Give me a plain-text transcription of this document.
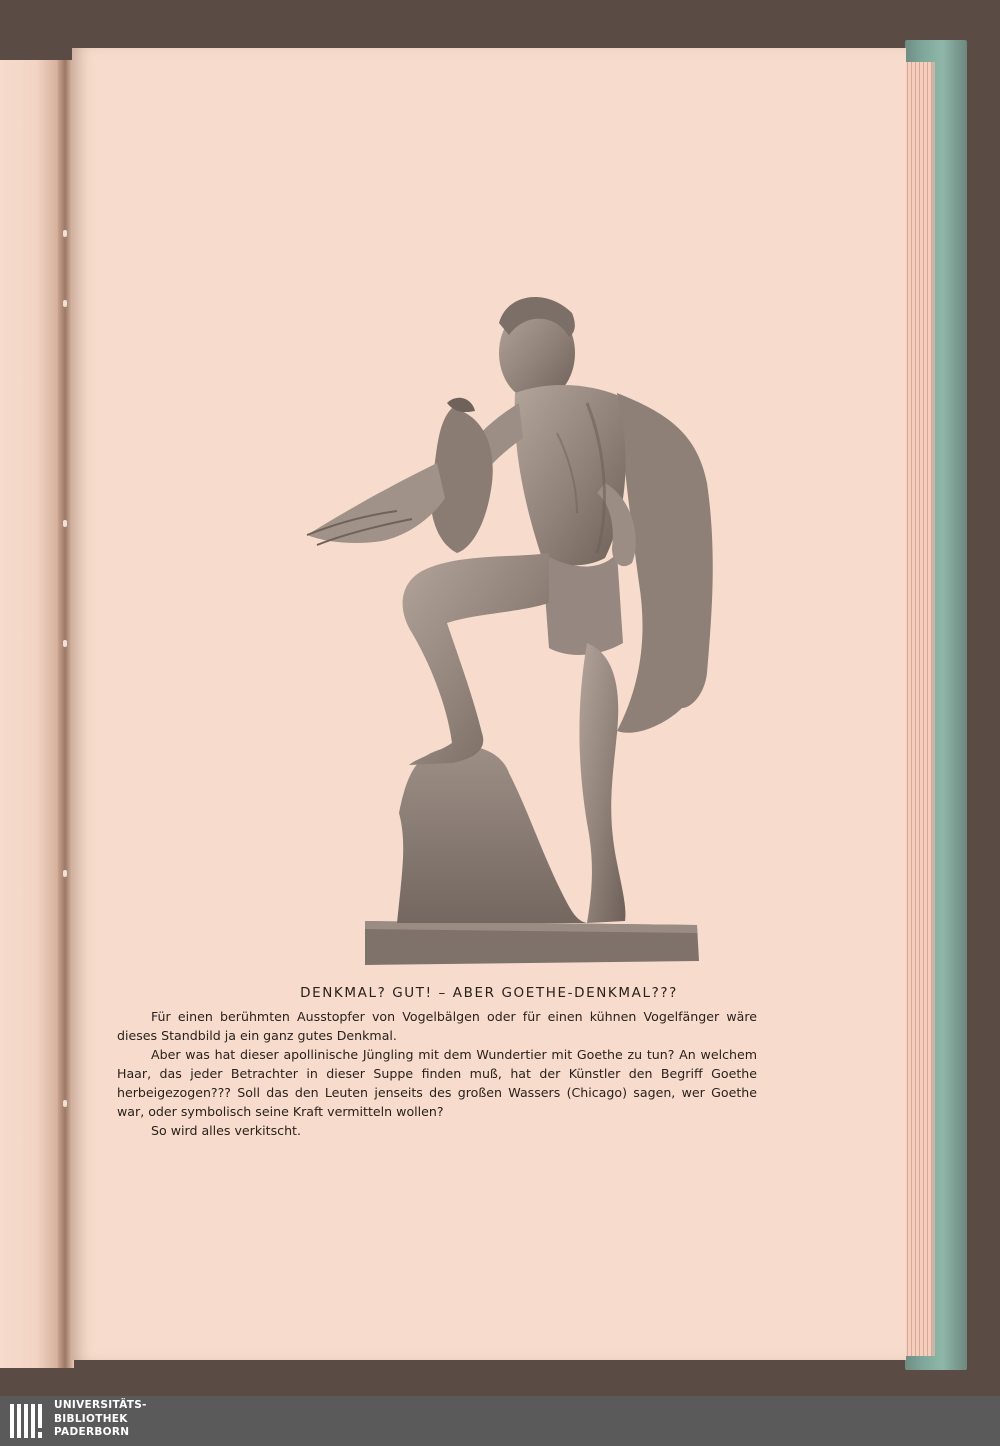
DENKMAL? GUT! – ABER GOETHE-DENKMAL???

Für einen berühmten Ausstopfer von Vogelbälgen oder für einen kühnen Vogelfänger wäre dieses Standbild ja ein ganz gutes Denkmal.

Aber was hat dieser apollinische Jüngling mit dem Wundertier mit Goethe zu tun? An welchem Haar, das jeder Betrachter in dieser Suppe finden muß, hat der Künstler den Begriff Goethe herbeigezogen??? Soll das den Leuten jenseits des großen Wassers (Chicago) sagen, wer Goethe war, oder symbolisch seine Kraft vermitteln wollen?

So wird alles verkitscht.

UNIVERSITÄTS-
BIBLIOTHEK
PADERBORN
